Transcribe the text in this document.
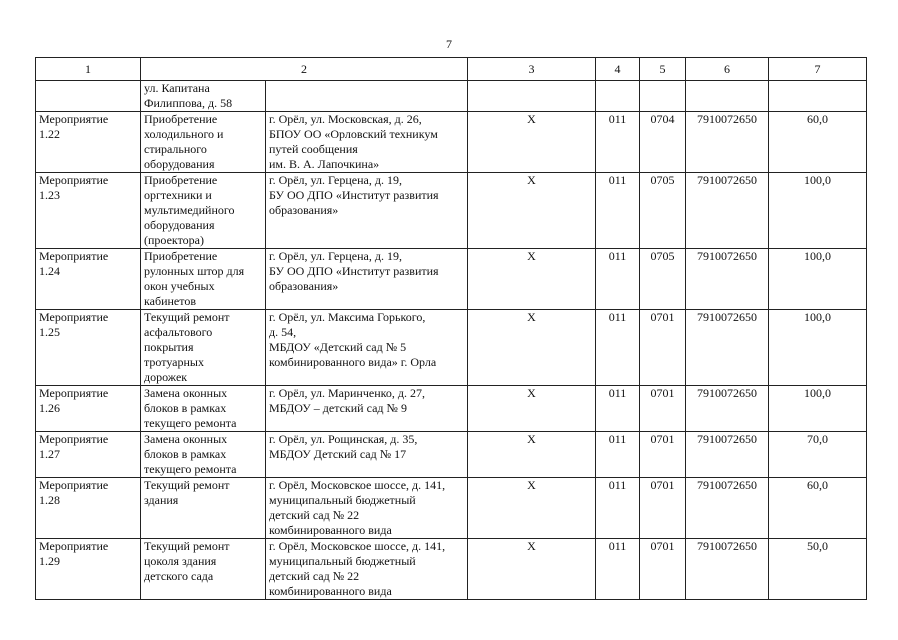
7
1	2		3	4	5	6	7
	ул. Капитана
Филиппова, д. 58						
Мероприятие
1.22	Приобретение
холодильного и
стирального
оборудования	г. Орёл, ул. Московская, д. 26,
БПОУ ОО «Орловский техникум
путей сообщения
им. В. А. Лапочкина»	Х	011	0704	7910072650	60,0
Мероприятие
1.23	Приобретение
оргтехники и
мультимедийного
оборудования
(проектора)	г. Орёл, ул. Герцена, д. 19,
БУ ОО ДПО «Институт развития
образования»	Х	011	0705	7910072650	100,0
Мероприятие
1.24	Приобретение
рулонных штор для
окон учебных
кабинетов	г. Орёл, ул. Герцена, д. 19,
БУ ОО ДПО «Институт развития
образования»	Х	011	0705	7910072650	100,0
Мероприятие
1.25	Текущий ремонт
асфальтового
покрытия
тротуарных
дорожек	г. Орёл, ул. Максима Горького,
д. 54,
МБДОУ «Детский сад № 5
комбинированного вида» г. Орла	Х	011	0701	7910072650	100,0
Мероприятие
1.26	Замена оконных
блоков в рамках
текущего ремонта	г. Орёл, ул. Маринченко, д. 27,
МБДОУ – детский сад № 9	Х	011	0701	7910072650	100,0
Мероприятие
1.27	Замена оконных
блоков в рамках
текущего ремонта	г. Орёл, ул. Рощинская, д. 35,
МБДОУ Детский сад № 17	Х	011	0701	7910072650	70,0
Мероприятие
1.28	Текущий ремонт
здания	г. Орёл, Московское шоссе, д. 141,
муниципальный бюджетный
детский сад № 22
комбинированного вида	Х	011	0701	7910072650	60,0
Мероприятие
1.29	Текущий ремонт
цоколя здания
детского сада	г. Орёл, Московское шоссе, д. 141,
муниципальный бюджетный
детский сад № 22
комбинированного вида	Х	011	0701	7910072650	50,0
